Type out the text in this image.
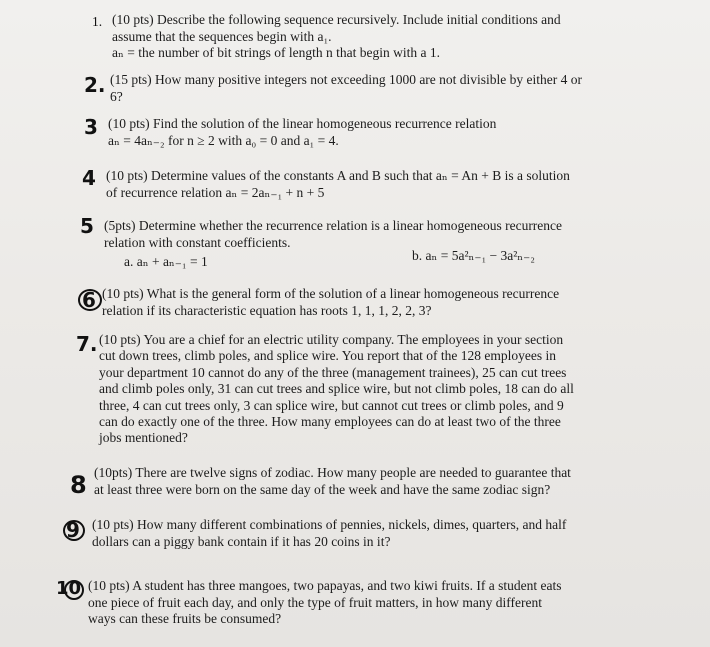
1. (10 pts) Describe the following sequence recursively. Include initial conditions and
assume that the sequences begin with a₁.
aₙ = the number of bit strings of length n that begin with a 1.
2. (15 pts) How many positive integers not exceeding 1000 are not divisible by either 4 or
6?
3 (10 pts) Find the solution of the linear homogeneous recurrence relation
aₙ = 4aₙ₋₂ for n ≥ 2 with a₀ = 0 and a₁ = 4.
4 (10 pts) Determine values of the constants A and B such that aₙ = An + B is a solution
of recurrence relation aₙ = 2aₙ₋₁ + n + 5
5 (5pts) Determine whether the recurrence relation is a linear homogeneous recurrence
relation with constant coefficients.
a. aₙ + aₙ₋₁ = 1	b. aₙ = 5a²ₙ₋₁ − 3a²ₙ₋₂
6 (10 pts) What is the general form of the solution of a linear homogeneous recurrence
relation if its characteristic equation has roots 1, 1, 1, 2, 2, 3?
7. (10 pts) You are a chief for an electric utility company. The employees in your section
cut down trees, climb poles, and splice wire. You report that of the 128 employees in
your department 10 cannot do any of the three (management trainees), 25 can cut trees
and climb poles only, 31 can cut trees and splice wire, but not climb poles, 18 can do all
three, 4 can cut trees only, 3 can splice wire, but cannot cut trees or climb poles, and 9
can do exactly one of the three. How many employees can do at least two of the three
jobs mentioned?
8 (10pts) There are twelve signs of zodiac. How many people are needed to guarantee that
at least three were born on the same day of the week and have the same zodiac sign?
9 (10 pts) How many different combinations of pennies, nickels, dimes, quarters, and half
dollars can a piggy bank contain if it has 20 coins in it?
10 (10 pts) A student has three mangoes, two papayas, and two kiwi fruits. If a student eats
one piece of fruit each day, and only the type of fruit matters, in how many different
ways can these fruits be consumed?
